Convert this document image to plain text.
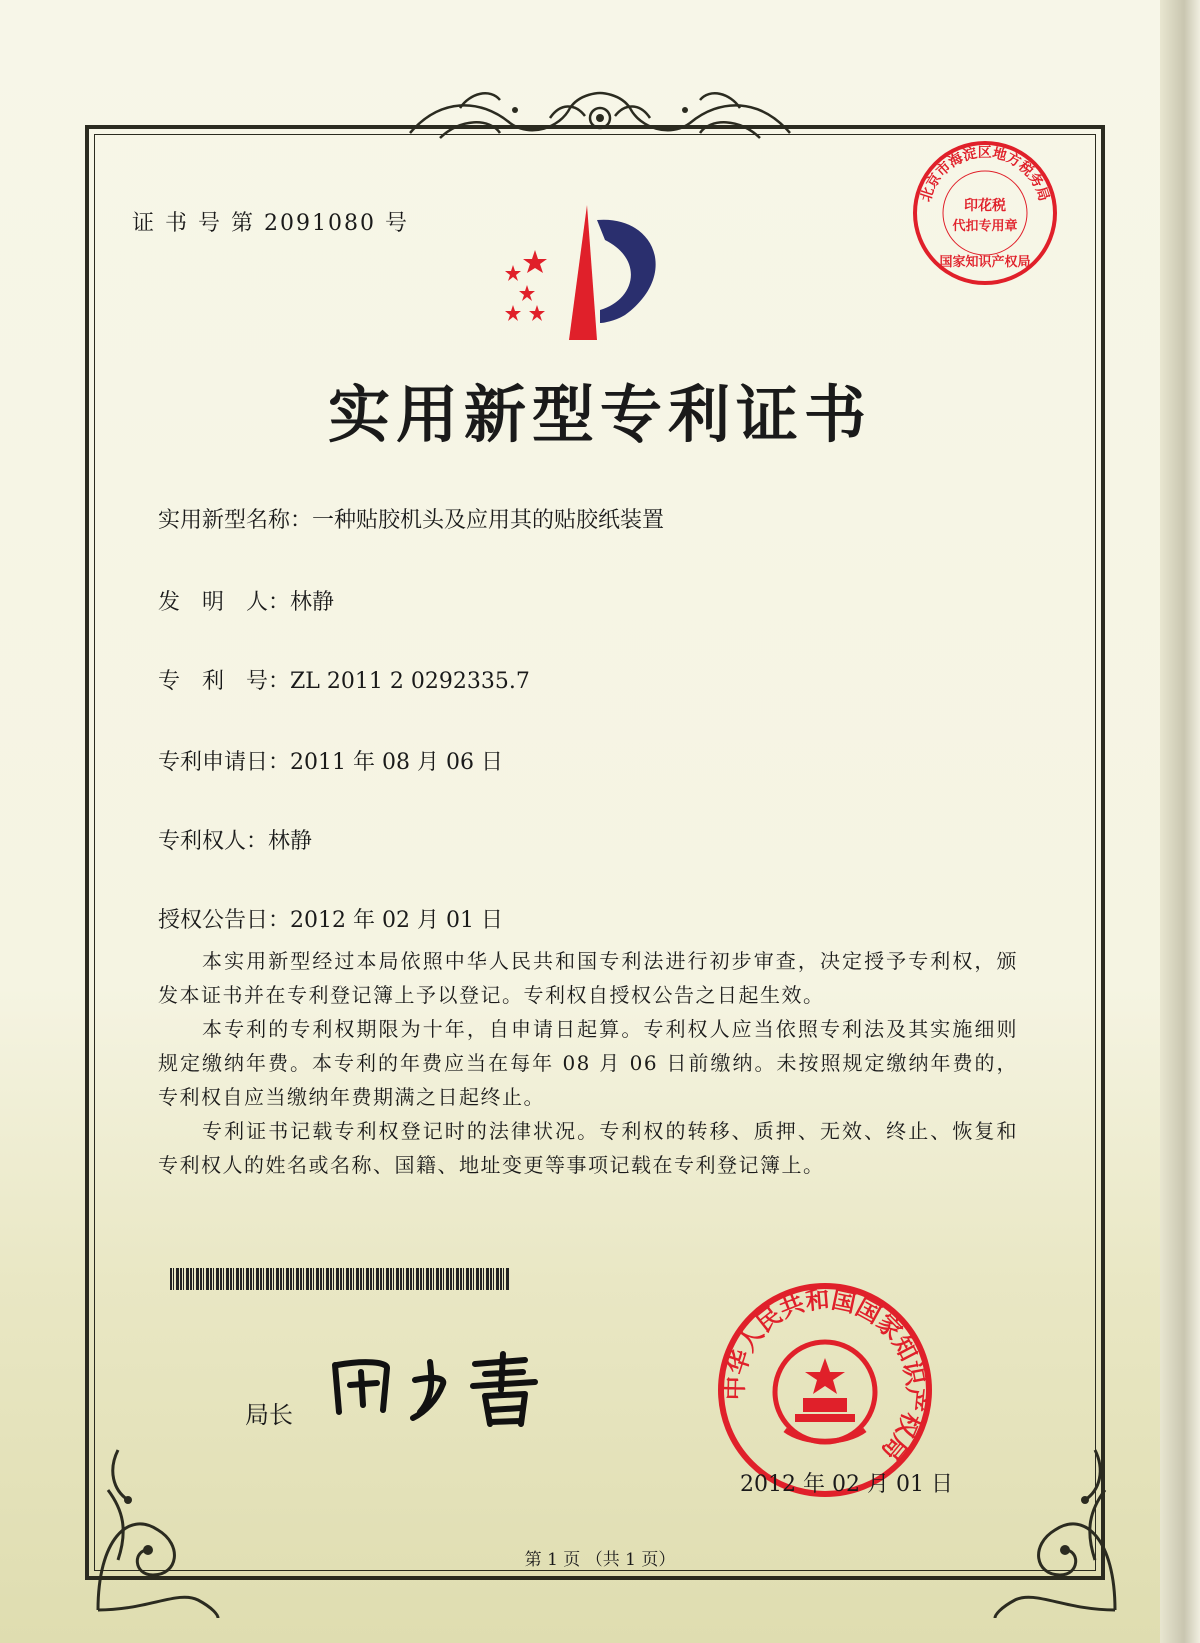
证 书 号 第 2091080 号
实用新型专利证书
实用新型名称：一种贴胶机头及应用其的贴胶纸装置
发　明　人：林静
专　利　号：ZL 2011 2 0292335.7
专利申请日：2011 年 08 月 06 日
专利权人：林静
授权公告日：2012 年 02 月 01 日
本实用新型经过本局依照中华人民共和国专利法进行初步审查，决定授予专利权，颁发本证书并在专利登记簿上予以登记。专利权自授权公告之日起生效。
本专利的专利权期限为十年，自申请日起算。专利权人应当依照专利法及其实施细则规定缴纳年费。本专利的年费应当在每年 08 月 06 日前缴纳。未按照规定缴纳年费的，专利权自应当缴纳年费期满之日起终止。
专利证书记载专利权登记时的法律状况。专利权的转移、质押、无效、终止、恢复和专利权人的姓名或名称、国籍、地址变更等事项记载在专利登记簿上。
局长
北京市海淀区地方税务局
印花税
代扣专用章
国家知识产权局
中华人民共和国国家知识产权局
2012 年 02 月 01 日
第 1 页 （共 1 页）
